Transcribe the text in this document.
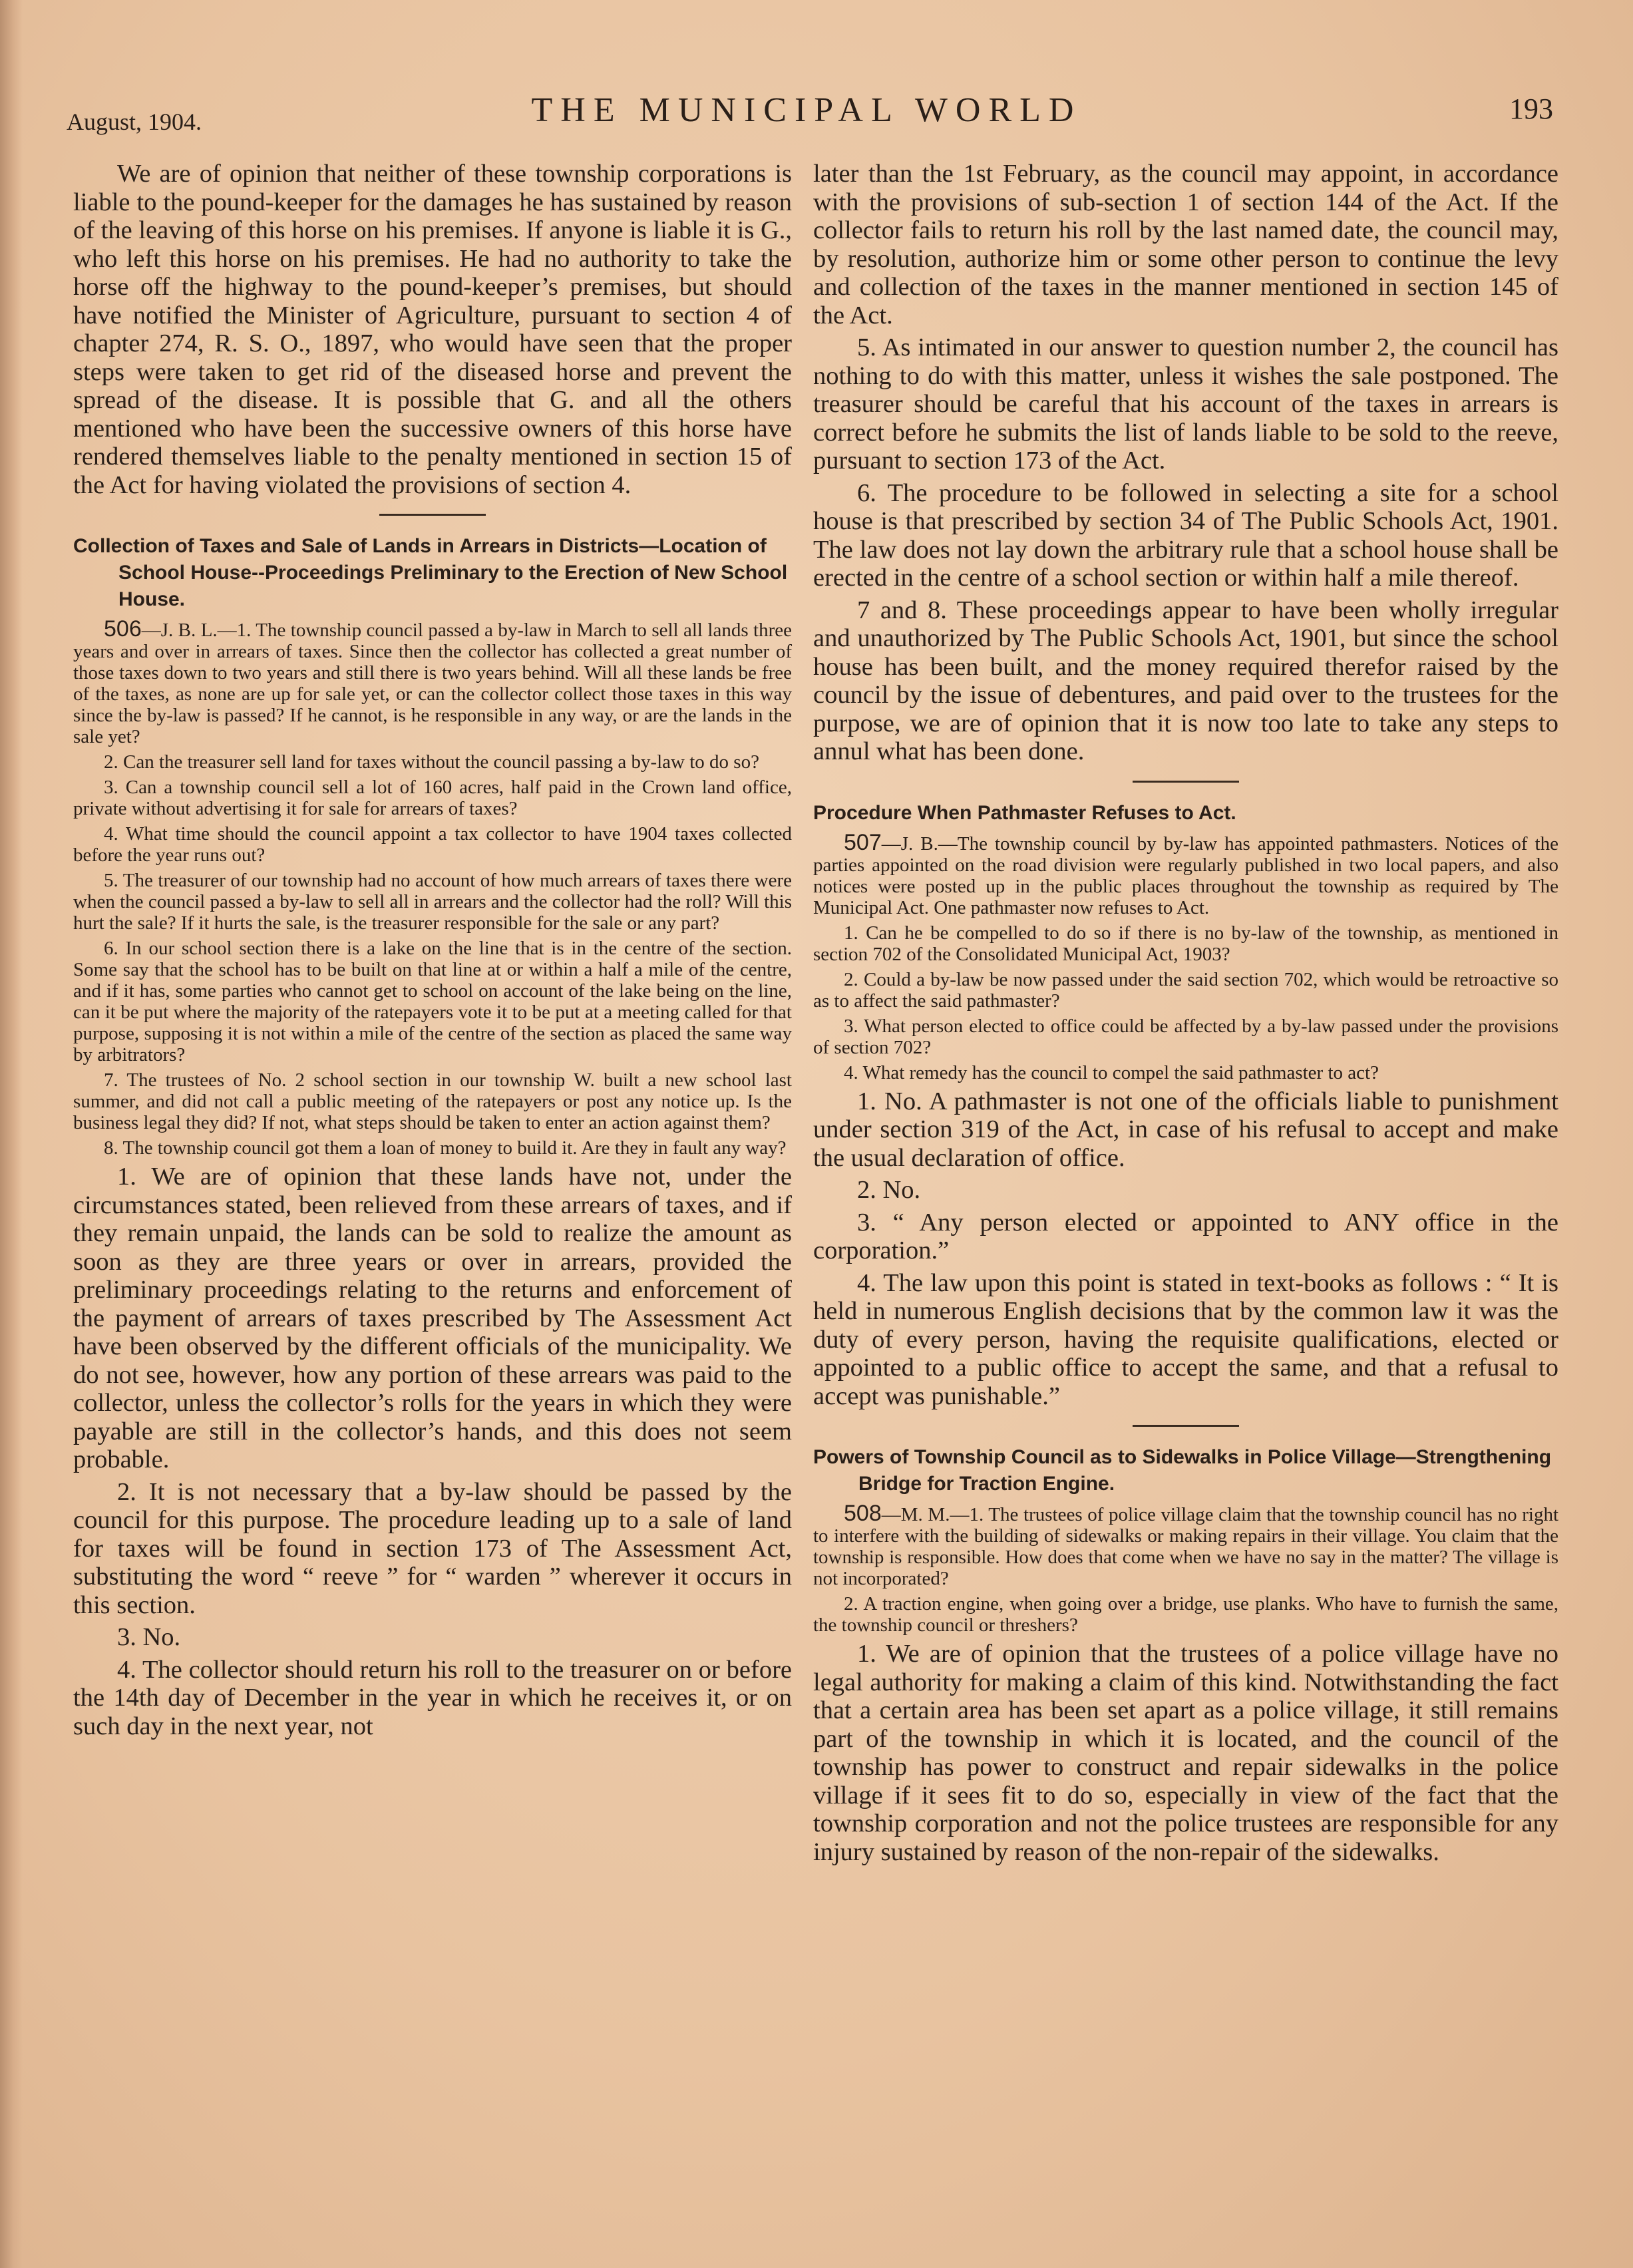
August, 1904.	THE MUNICIPAL WORLD	193

We are of opinion that neither of these township corporations is liable to the pound-keeper for the damages he has sustained by reason of the leaving of this horse on his premises. If anyone is liable it is G., who left this horse on his premises. He had no authority to take the horse off the highway to the pound-keeper’s premises, but should have notified the Minister of Agriculture, pursuant to section 4 of chapter 274, R. S. O., 1897, who would have seen that the proper steps were taken to get rid of the diseased horse and prevent the spread of the disease. It is possible that G. and all the others mentioned who have been the successive owners of this horse have rendered themselves liable to the penalty mentioned in section 15 of the Act for having violated the provisions of section 4.

Collection of Taxes and Sale of Lands in Arrears in Districts—Location of School House--Proceedings Preliminary to the Erection of New School House.

506—J. B. L.—1. The township council passed a by-law in March to sell all lands three years and over in arrears of taxes. Since then the collector has collected a great number of those taxes down to two years and still there is two years behind. Will all these lands be free of the taxes, as none are up for sale yet, or can the collector collect those taxes in this way since the by-law is passed? If he cannot, is he responsible in any way, or are the lands in the sale yet?

2. Can the treasurer sell land for taxes without the council passing a by-law to do so?

3. Can a township council sell a lot of 160 acres, half paid in the Crown land office, private without advertising it for sale for arrears of taxes?

4. What time should the council appoint a tax collector to have 1904 taxes collected before the year runs out?

5. The treasurer of our township had no account of how much arrears of taxes there were when the council passed a by-law to sell all in arrears and the collector had the roll? Will this hurt the sale? If it hurts the sale, is the treasurer responsible for the sale or any part?

6. In our school section there is a lake on the line that is in the centre of the section. Some say that the school has to be built on that line at or within a half a mile of the centre, and if it has, some parties who cannot get to school on account of the lake being on the line, can it be put where the majority of the ratepayers vote it to be put at a meeting called for that purpose, supposing it is not within a mile of the centre of the section as placed the same way by arbitrators?

7. The trustees of No. 2 school section in our township W. built a new school last summer, and did not call a public meeting of the ratepayers or post any notice up. Is the business legal they did? If not, what steps should be taken to enter an action against them?

8. The township council got them a loan of money to build it. Are they in fault any way?

1. We are of opinion that these lands have not, under the circumstances stated, been relieved from these arrears of taxes, and if they remain unpaid, the lands can be sold to realize the amount as soon as they are three years or over in arrears, provided the preliminary proceedings relating to the returns and enforcement of the payment of arrears of taxes prescribed by The Assessment Act have been observed by the different officials of the municipality. We do not see, however, how any portion of these arrears was paid to the collector, unless the collector’s rolls for the years in which they were payable are still in the collector’s hands, and this does not seem probable.

2. It is not necessary that a by-law should be passed by the council for this purpose. The procedure leading up to a sale of land for taxes will be found in section 173 of The Assessment Act, substituting the word “ reeve ” for “ warden ” wherever it occurs in this section.

3. No.

4. The collector should return his roll to the treasurer on or before the 14th day of December in the year in which he receives it, or on such day in the next year, not

later than the 1st February, as the council may appoint, in accordance with the provisions of sub-section 1 of section 144 of the Act. If the collector fails to return his roll by the last named date, the council may, by resolution, authorize him or some other person to continue the levy and collection of the taxes in the manner mentioned in section 145 of the Act.

5. As intimated in our answer to question number 2, the council has nothing to do with this matter, unless it wishes the sale postponed. The treasurer should be careful that his account of the taxes in arrears is correct before he submits the list of lands liable to be sold to the reeve, pursuant to section 173 of the Act.

6. The procedure to be followed in selecting a site for a school house is that prescribed by section 34 of The Public Schools Act, 1901. The law does not lay down the arbitrary rule that a school house shall be erected in the centre of a school section or within half a mile thereof.

7 and 8. These proceedings appear to have been wholly irregular and unauthorized by The Public Schools Act, 1901, but since the school house has been built, and the money required therefor raised by the council by the issue of debentures, and paid over to the trustees for the purpose, we are of opinion that it is now too late to take any steps to annul what has been done.

Procedure When Pathmaster Refuses to Act.

507—J. B.—The township council by by-law has appointed pathmasters. Notices of the parties appointed on the road division were regularly published in two local papers, and also notices were posted up in the public places throughout the township as required by The Municipal Act. One pathmaster now refuses to Act.

1. Can he be compelled to do so if there is no by-law of the township, as mentioned in section 702 of the Consolidated Municipal Act, 1903?

2. Could a by-law be now passed under the said section 702, which would be retroactive so as to affect the said pathmaster?

3. What person elected to office could be affected by a by-law passed under the provisions of section 702?

4. What remedy has the council to compel the said pathmaster to act?

1. No. A pathmaster is not one of the officials liable to punishment under section 319 of the Act, in case of his refusal to accept and make the usual declaration of office.

2. No.

3. “ Any person elected or appointed to ANY office in the corporation.”

4. The law upon this point is stated in text-books as follows : “ It is held in numerous English decisions that by the common law it was the duty of every person, having the requisite qualifications, elected or appointed to a public office to accept the same, and that a refusal to accept was punishable.”

Powers of Township Council as to Sidewalks in Police Village—Strengthening Bridge for Traction Engine.

508—M. M.—1. The trustees of police village claim that the township council has no right to interfere with the building of sidewalks or making repairs in their village. You claim that the township is responsible. How does that come when we have no say in the matter? The village is not incorporated?

2. A traction engine, when going over a bridge, use planks. Who have to furnish the same, the township council or threshers?

1. We are of opinion that the trustees of a police village have no legal authority for making a claim of this kind. Notwithstanding the fact that a certain area has been set apart as a police village, it still remains part of the township in which it is located, and the council of the township has power to construct and repair sidewalks in the police village if it sees fit to do so, especially in view of the fact that the township corporation and not the police trustees are responsible for any injury sustained by reason of the non-repair of the sidewalks.
